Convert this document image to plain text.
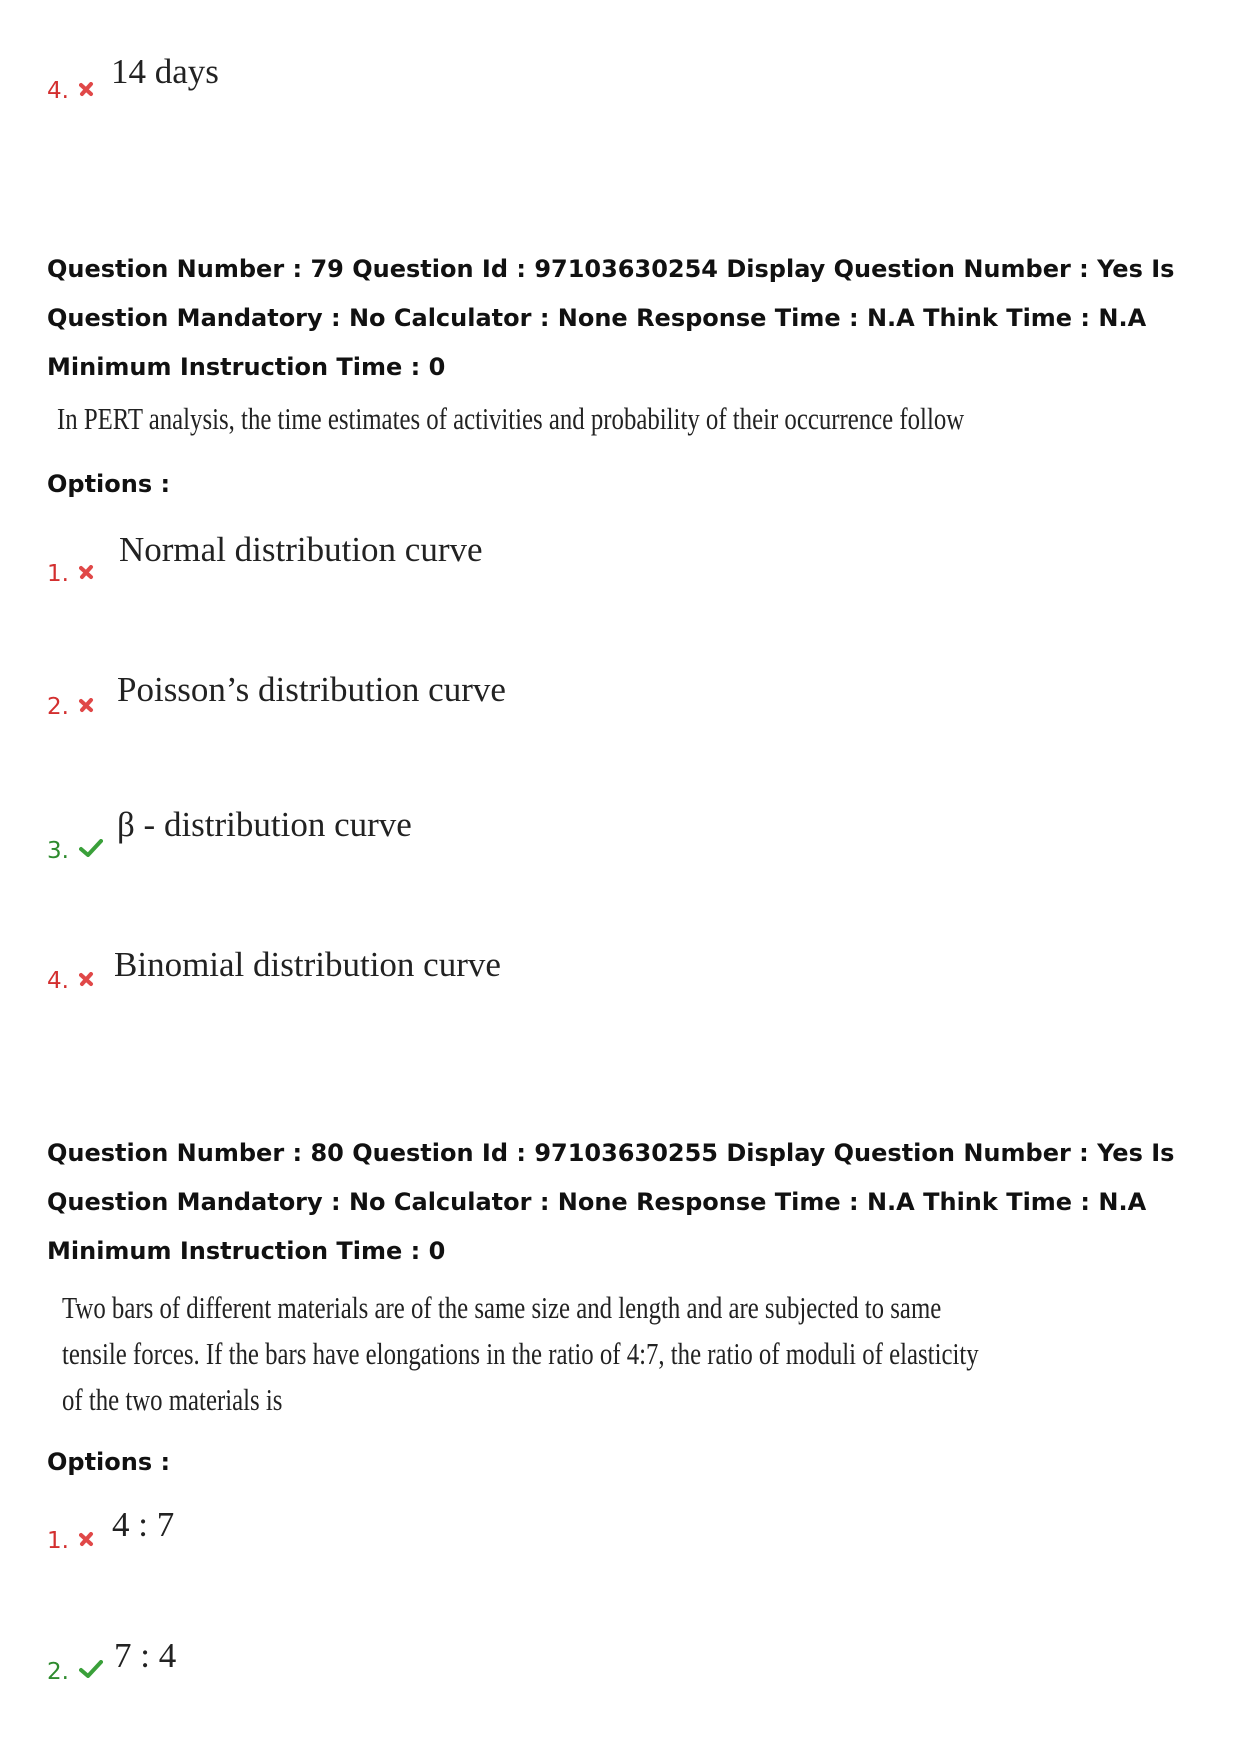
4. 14 days
Question Number : 79 Question Id : 97103630254 Display Question Number : Yes Is Question Mandatory : No Calculator : None Response Time : N.A Think Time : N.A Minimum Instruction Time : 0
In PERT analysis, the time estimates of activities and probability of their occurrence follow
Options :
1.
Normal distribution curve
2. Poisson’s distribution curve
3.
β - distribution curve
4. Binomial distribution curve
Question Number : 80 Question Id : 97103630255 Display Question Number : Yes Is Question Mandatory : No Calculator : None Response Time : N.A Think Time : N.A Minimum Instruction Time : 0
Two bars of different materials are of the same size and length and are subjected to same
tensile forces. If the bars have elongations in the ratio of 4:7, the ratio of moduli of elasticity
of the two materials is
Options :
1. 4 : 7
2. 7 : 4
